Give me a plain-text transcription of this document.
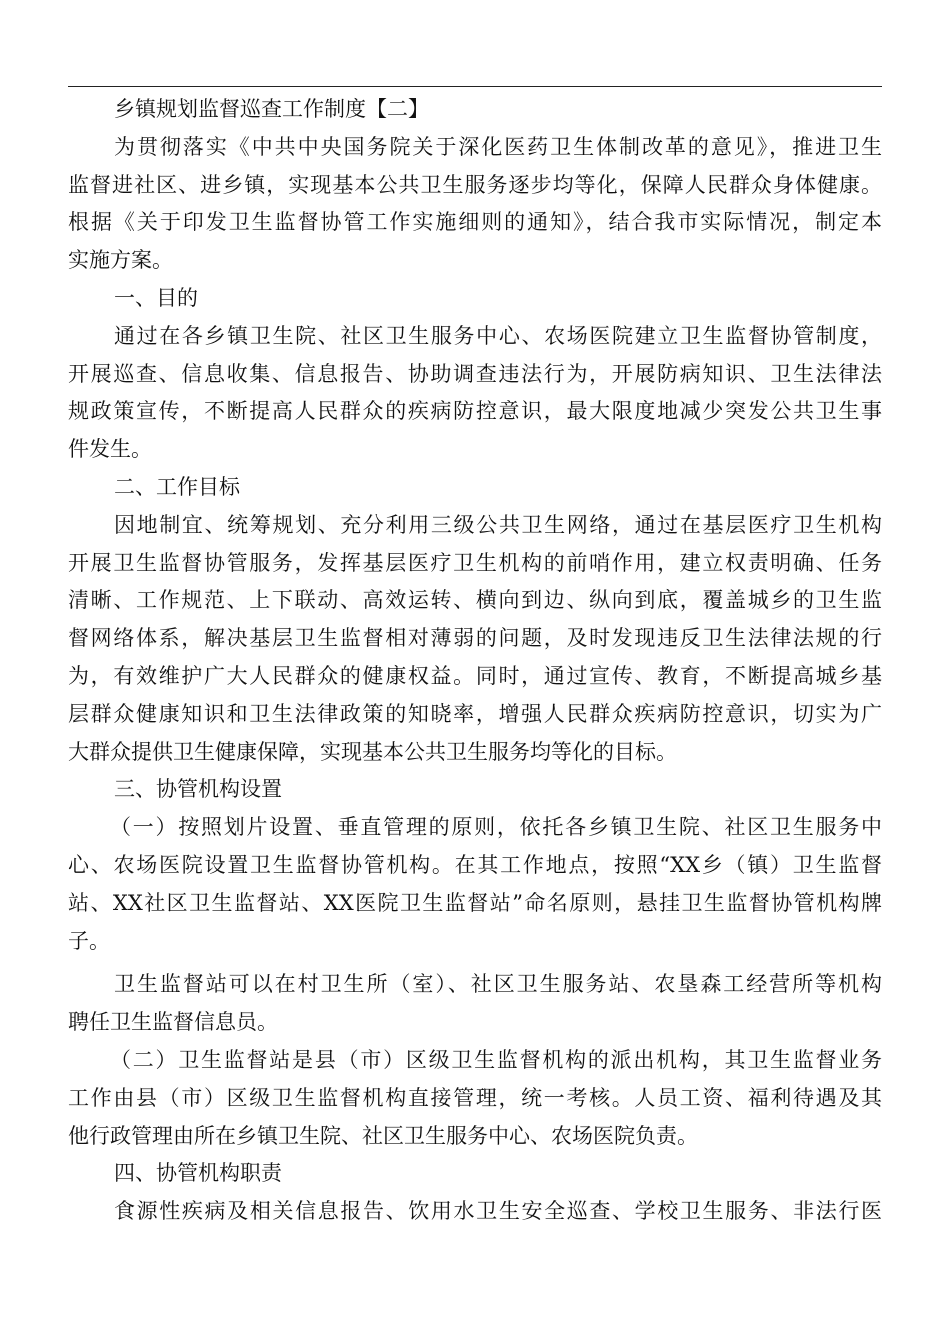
乡镇规划监督巡查工作制度【二】
为贯彻落实《中共中央国务院关于深化医药卫生体制改革的意见》，推进卫生
监督进社区、进乡镇，实现基本公共卫生服务逐步均等化，保障人民群众身体健康。
根据《关于印发卫生监督协管工作实施细则的通知》，结合我市实际情况，制定本
实施方案。
一、目的
通过在各乡镇卫生院、社区卫生服务中心、农场医院建立卫生监督协管制度，
开展巡查、信息收集、信息报告、协助调查违法行为，开展防病知识、卫生法律法
规政策宣传，不断提高人民群众的疾病防控意识，最大限度地减少突发公共卫生事
件发生。
二、工作目标
因地制宜、统筹规划、充分利用三级公共卫生网络，通过在基层医疗卫生机构
开展卫生监督协管服务，发挥基层医疗卫生机构的前哨作用，建立权责明确、任务
清晰、工作规范、上下联动、高效运转、横向到边、纵向到底，覆盖城乡的卫生监
督网络体系，解决基层卫生监督相对薄弱的问题，及时发现违反卫生法律法规的行
为，有效维护广大人民群众的健康权益。同时，通过宣传、教育，不断提高城乡基
层群众健康知识和卫生法律政策的知晓率，增强人民群众疾病防控意识，切实为广
大群众提供卫生健康保障，实现基本公共卫生服务均等化的目标。
三、协管机构设置
（一）按照划片设置、垂直管理的原则，依托各乡镇卫生院、社区卫生服务中
心、农场医院设置卫生监督协管机构。在其工作地点，按照“XX乡（镇）卫生监督
站、XX社区卫生监督站、XX医院卫生监督站”命名原则，悬挂卫生监督协管机构牌
子。
卫生监督站可以在村卫生所（室）、社区卫生服务站、农垦森工经营所等机构
聘任卫生监督信息员。
（二）卫生监督站是县（市）区级卫生监督机构的派出机构，其卫生监督业务
工作由县（市）区级卫生监督机构直接管理，统一考核。人员工资、福利待遇及其
他行政管理由所在乡镇卫生院、社区卫生服务中心、农场医院负责。
四、协管机构职责
食源性疾病及相关信息报告、饮用水卫生安全巡查、学校卫生服务、非法行医
